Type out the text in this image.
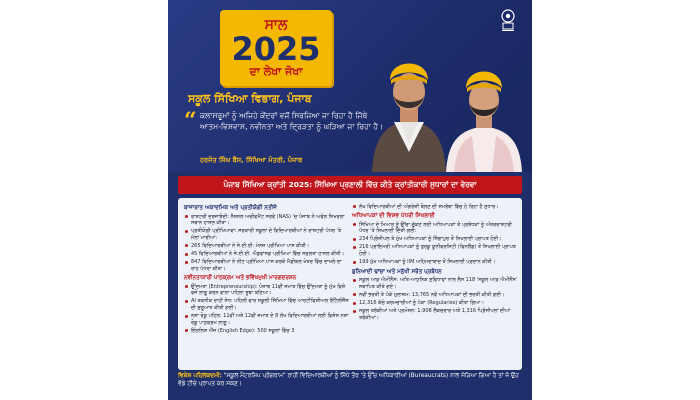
ਸਾਲ
2025
ਦਾ ਲੇਖਾ ਜੋਖਾ
ਸਕੂਲ ਸਿੱਖਿਆ ਵਿਭਾਗ, ਪੰਜਾਬ
“ ਕਲਾਸਰੂਮਾਂ ਨੂੰ ਅਜਿਹੇ ਕੇਂਦਰਾਂ ਵਜੋਂ ਸਿਰਜਿਆ ਜਾ ਰਿਹਾ ਹੈ ਜਿੱਥੇ ਆਤਮ-ਵਿਸ਼ਵਾਸ, ਨਵੀਨਤਾ ਅਤੇ ਦ੍ਰਿੜਤਾ ਨੂੰ ਘੜਿਆ ਜਾ ਰਿਹਾ ਹੈ।
ਹਰਜੋਤ ਸਿੰਘ ਬੈਂਸ, ਸਿੱਖਿਆ ਮੰਤਰੀ, ਪੰਜਾਬ
ਪੰਜਾਬ ਸਿੱਖਿਆ ਕ੍ਰਾਂਤੀ 2025: ਸਿੱਖਿਆ ਪ੍ਰਣਾਲੀ ਵਿੱਚ ਕੀਤੇ ਕ੍ਰਾਂਤੀਕਾਰੀ ਸੁਧਾਰਾਂ ਦਾ ਵੇਰਵਾ
ਬਾਜਾਰਾਤ ਅਕਾਦਮਿਕ ਅਤੇ ਪ੍ਰਤੀਯੋਗੀ ਨਤੀਜੇ
ਰਾਸ਼ਟਰੀ ਦਰਜਾਬੰਦੀ: ਨੈਸ਼ਨਲ ਅਚੀਵਮੈਂਟ ਸਰਵੇ (NAS) 'ਚ ਪੰਜਾਬ ਨੇ ਅਵੱਲ ਸਿਖਰਲਾ ਸਥਾਨ ਹਾਸਲ ਕੀਤਾ।
ਪ੍ਰਤੀਯੋਗੀ ਪ੍ਰੀਖਿਆਵਾਂ: ਸਰਕਾਰੀ ਸਕੂਲਾਂ ਦੇ ਵਿਦਿਆਰਥੀਆਂ ਨੇ ਰਾਸ਼ਟਰੀ ਪੱਧਰ 'ਤੇ ਮੱਲਾਂ ਮਾਰੀਆਂ:
265 ਵਿਦਿਆਰਥੀਆਂ ਨੇ ਜੇ.ਈ.ਈ. ਮੇਨਜ਼ ਪ੍ਰੀਖਿਆ ਪਾਸ ਕੀਤੀ।
45 ਵਿਦਿਆਰਥੀਆਂ ਨੇ ਜੇ.ਈ.ਈ. ਐਡਵਾਂਸਡ ਪ੍ਰੀਖਿਆ ਵਿੱਚ ਸਫ਼ਲਤਾ ਹਾਸਲ ਕੀਤੀ।
847 ਵਿਦਿਆਰਥੀਆਂ ਨੇ ਨੀਟ ਪ੍ਰੀਖਿਆ ਪਾਸ ਕਰਕੇ ਮੈਡੀਕਲ ਖੇਤਰ ਵਿੱਚ ਦਾਖਲੇ ਦਾ ਰਾਹ ਪੱਧਰਾ ਕੀਤਾ।
ਨਵੀਨਤਾਕਾਰੀ ਪਾਠਕ੍ਰਮ ਅਤੇ ਭਵਿੱਖਮੁਖੀ ਮਾਰਗਦਰਸ਼ਨ
ਉੱਦਮਤਾ (Entrepreneurship): ਪੰਜਾਬ 11ਵੀਂ ਜਮਾਤ ਵਿੱਚ ਉੱਦਮਤਾ ਨੂੰ ਮੁੱਖ ਵਿਸ਼ੇ ਵਜੋਂ ਲਾਗੂ ਕਰਨ ਵਾਲਾ ਪਹਿਲਾ ਸੂਬਾ ਬਣਿਆ।
AI ਤਕਨੀਕ ਰਾਹੀਂ ਸੇਧ: ਪਹਿਲੀ ਵਾਰ ਸਕੂਲੀ ਸਿੱਖਿਆ ਵਿੱਚ ਆਰਟੀਫਿਸ਼ੀਅਲ ਇੰਟੈਲੀਜੈਂਸ ਦੀ ਸ਼ੁਰੂਆਤ ਕੀਤੀ ਗਈ।
ਨਸ਼ਾ ਰੋਕੂ ਪਹਿਲ: 11ਵੀਂ ਅਤੇ 12ਵੀਂ ਜਮਾਤ ਦੇ 8 ਲੱਖ ਵਿਦਿਆਰਥੀਆਂ ਲਈ ਵਿਸ਼ੇਸ਼ ਨਸ਼ਾ ਰੋਕੂ ਪਾਠਕ੍ਰਮ ਲਾਗੂ।
ਇੰਗਲਿਸ਼ ਐੱਜ (English Edge): 500 ਸਕੂਲਾਂ ਵਿੱਚ 3
ਲੱਖ ਵਿਦਿਆਰਥੀਆਂ ਦੀ ਅੰਗਰੇਜ਼ੀ ਬੋਲਣ ਦੀ ਸਮਰੱਥਾ ਵਿੱਚ ਹੋ ਰਿਹਾ ਹੈ ਸੁਧਾਰ।
ਅਧਿਆਪਕਾਂ ਦੀ ਵਿਸ਼ਵ ਪੱਧਰੀ ਸਿਖਲਾਈ
ਸਿੱਖਿਆ ਦੇ ਮਿਆਰ ਨੂੰ ਉੱਚਾ ਚੁੱਕਣ ਲਈ ਅਧਿਆਪਕਾਂ ਤੇ ਪ੍ਰਬੰਧਕਾਂ ਨੂੰ ਅੰਤਰਰਾਸ਼ਟਰੀ ਪੱਧਰ 'ਤੇ ਸਿਖਲਾਈ ਦਿੱਤੀ ਗਈ:
234 ਪ੍ਰਿੰਸੀਪਲ ਤੇ ਮੁੱਖ ਅਧਿਆਪਕਾਂ ਨੂੰ ਸਿੰਗਾਪੁਰ ਤੋਂ ਸਿਖਲਾਈ ਪ੍ਰਾਪਤ ਹੋਈ।
216 ਪ੍ਰਾਇਮਰੀ ਅਧਿਆਪਕਾਂ ਨੂੰ ਤੁਰਕੂ ਯੂਨੀਵਰਸਿਟੀ (ਫਿਨਲੈਂਡ) ਤੋਂ ਸਿਖਲਾਈ ਪ੍ਰਾਪਤ ਹੋਈ।
199 ਮੁੱਖ ਅਧਿਆਪਕਾਂ ਨੂੰ IIM ਅਹਿਮਦਾਬਾਦ ਤੋਂ ਸਿਖਲਾਈ ਪ੍ਰਦਾਨ ਕੀਤੀ।
ਬੁਨਿਆਦੀ ਢਾਂਚਾ ਅਤੇ ਮਨੁੱਖੀ ਸਰੋਤ ਪ੍ਰਬੰਧਨ
ਸਕੂਲ ਆਫ਼ ਐਮੀਨੈਂਸ: ਅਤਿ-ਆਧੁਨਿਕ ਸੁਵਿਧਾਵਾਂ ਨਾਲ ਲੈਸ 118 'ਸਕੂਲ ਆਫ਼ ਐਮੀਨੈਂਸ' ਸਥਾਪਿਤ ਕੀਤੇ ਗਏ।
ਨਵੀਂ ਭਰਤੀ ਤੇ ਪੱਕੇ ਮੁਲਾਜ਼ਮ: 13,765 ਨਵੇਂ ਅਧਿਆਪਕਾਂ ਦੀ ਭਰਤੀ ਕੀਤੀ ਗਈ।
12,316 ਕੱਚੇ ਕਰਮਚਾਰੀਆਂ ਨੂੰ ਪੱਕਾ (Regularise) ਕੀਤਾ ਗਿਆ।
ਸਕੂਲ ਤਰੱਕੀਆਂ ਅਤੇ ਪ੍ਰਮੋਸ਼ਨ: 1,908 ਲੈਕਚਰਾਰ ਅਤੇ 1,316 ਪ੍ਰਿੰਸੀਪਲਾਂ ਦੀਆਂ ਤਰੱਕੀਆਂ।
ਵਿਸ਼ੇਸ਼ ਪਹਿਲਕਦਮੀ: "ਸਕੂਲ ਮੈਂਟਰਸ਼ਿਪ ਪ੍ਰੋਗਰਾਮ" ਰਾਹੀਂ ਵਿਦਿਆਰਥੀਆਂ ਨੂੰ ਸਿੱਧੇ ਤੌਰ 'ਤੇ ਉੱਚ ਅਧਿਕਾਰੀਆਂ (Bureaucrats) ਨਾਲ ਜੋੜਿਆ ਗਿਆ ਹੈ ਤਾਂ ਜੋ ਉਹ ਵੱਡੇ ਟੀਚੇ ਪ੍ਰਾਪਤ ਕਰ ਸਕਣ।
